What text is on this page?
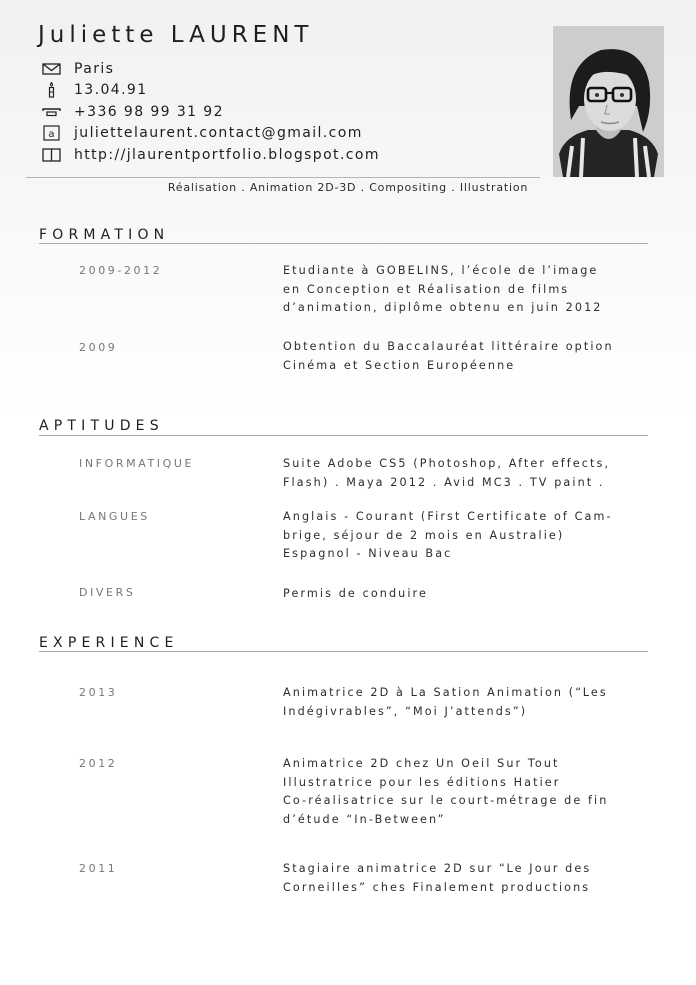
Juliette LAURENT
Paris
13.04.91
+336 98 99 31 92
a juliettelaurent.contact@gmail.com
http://jlaurentportfolio.blogspot.com
Réalisation . Animation 2D-3D . Compositing . Illustration
FORMATION
2009-2012	Etudiante à GOBELINS, l’école de l’image
en Conception et Réalisation de films
d’animation, diplôme obtenu en juin 2012
2009	Obtention du Baccalauréat littéraire option
Cinéma et Section Européenne
APTITUDES
INFORMATIQUE	Suite Adobe CS5 (Photoshop, After effects,
Flash) . Maya 2012 . Avid MC3 . TV paint .
LANGUES	Anglais - Courant (First Certificate of Cam-
brige, séjour de 2 mois en Australie)
Espagnol - Niveau Bac
DIVERS	Permis de conduire
EXPERIENCE
2013	Animatrice 2D à La Sation Animation (“Les
Indégivrables”, “Moi J’attends”)
2012	Animatrice 2D chez Un Oeil Sur Tout
Illustratrice pour les éditions Hatier
Co-réalisatrice sur le court-métrage de fin
d’étude “In-Between”
2011	Stagiaire animatrice 2D sur “Le Jour des
Corneilles” ches Finalement productions
